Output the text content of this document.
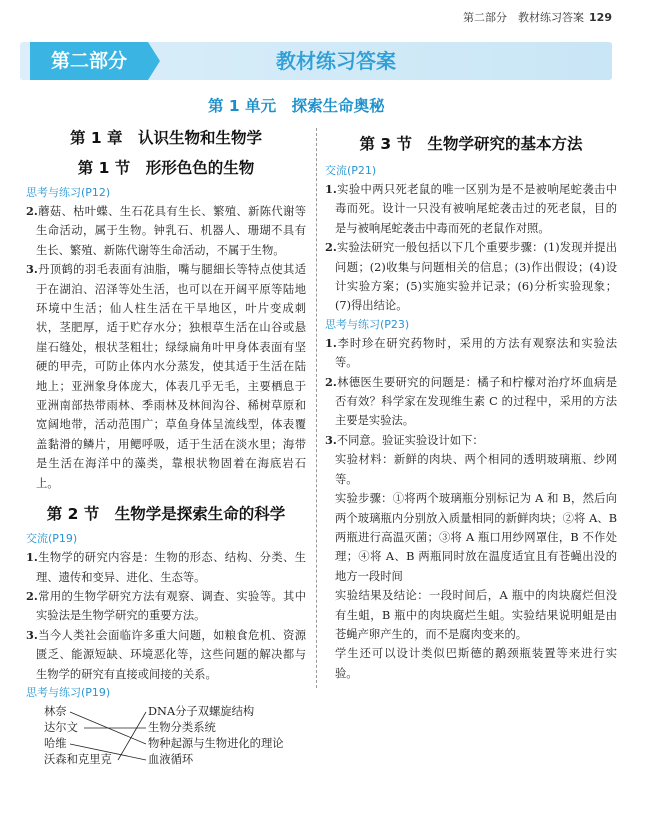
第二部分　教材练习答案 129
第二部分	教材练习答案
第 1 单元　探索生命奥秘
第 1 章　认识生物和生物学
第 1 节　形形色色的生物
思考与练习(P12)

2.蘑菇、枯叶蝶、生石花具有生长、繁殖、新陈代谢等生命活动，属于生物。钟乳石、机器人、珊瑚不具有生长、繁殖、新陈代谢等生命活动，不属于生物。

3.丹顶鹤的羽毛表面有油脂，嘴与腿細长等特点使其适于在湖泊、沼泽等处生活，也可以在开阔平原等陆地环境中生活；仙人柱生活在干旱地区，叶片变成刺状，茎肥厚，适于贮存水分；独根草生活在山谷或悬崖石缝处，根状茎粗壮；绿绿扁角叶甲身体表面有坚硬的甲壳，可防止体内水分蒸发，使其适于生活在陆地上；亚洲象身体庞大，体表几乎无毛，主要栖息于亚洲南部热带雨林、季雨林及林间沟谷、稀树草原和宽阔地带，活动范围广；草鱼身体呈流线型，体表覆盖黏滑的鳞片，用鳃呼吸，适于生活在淡水里；海带是生活在海洋中的藻类，靠根状物固着在海底岩石上。

第 2 节　生物学是探索生命的科学
交流(P19)

1.生物学的研究内容是：生物的形态、结构、分类、生理、遗传和变异、进化、生态等。

2.常用的生物学研究方法有观察、调查、实验等。其中实验法是生物学研究的重要方法。

3.当今人类社会面临许多重大问题，如粮食危机、资源匮乏、能源短缺、环境恶化等，这些问题的解决都与生物学的研究有直接或间接的关系。

思考与练习(P19)
林奈
达尔文
哈维
沃森和克里克
DNA分子双螺旋结构
生物分类系统
物种起源与生物进化的理论
血液循环
第 3 节　生物学研究的基本方法
交流(P21)

1.实验中两只死老鼠的唯一区别为是不是被响尾蛇袭击中毒而死。设计一只没有被响尾蛇袭击过的死老鼠，目的是与被响尾蛇袭击中毒而死的老鼠作对照。

2.实验法研究一般包括以下几个重要步骤：(1)发现并提出问题；(2)收集与问题相关的信息；(3)作出假设；(4)设计实验方案；(5)实施实验并记录；(6)分析实验现象；(7)得出结论。

思考与练习(P23)

1.李时珍在研究药物时，采用的方法有观察法和实验法等。

2.林德医生要研究的问题是：橘子和柠檬对治疗坏血病是否有效？科学家在发现维生素 C 的过程中，采用的方法主要是实验法。

3.不同意。验证实验设计如下：

实验材料：新鲜的肉块、两个相同的透明玻璃瓶、纱网等。

实验步骤：①将两个玻璃瓶分别标记为 A 和 B，然后向两个玻璃瓶内分别放入质量相同的新鲜肉块；②将 A、B 两瓶进行高温灭菌；③将 A 瓶口用纱网罩住，B 不作处理；④将 A、B 两瓶同时放在温度适宜且有苍蝇出没的地方一段时间

实验结果及结论：一段时间后，A 瓶中的肉块腐烂但没有生蛆，B 瓶中的肉块腐烂生蛆。实验结果说明蛆是由苍蝇产卵产生的，而不是腐肉变来的。

学生还可以设计类似巴斯德的鹅颈瓶装置等来进行实验。
